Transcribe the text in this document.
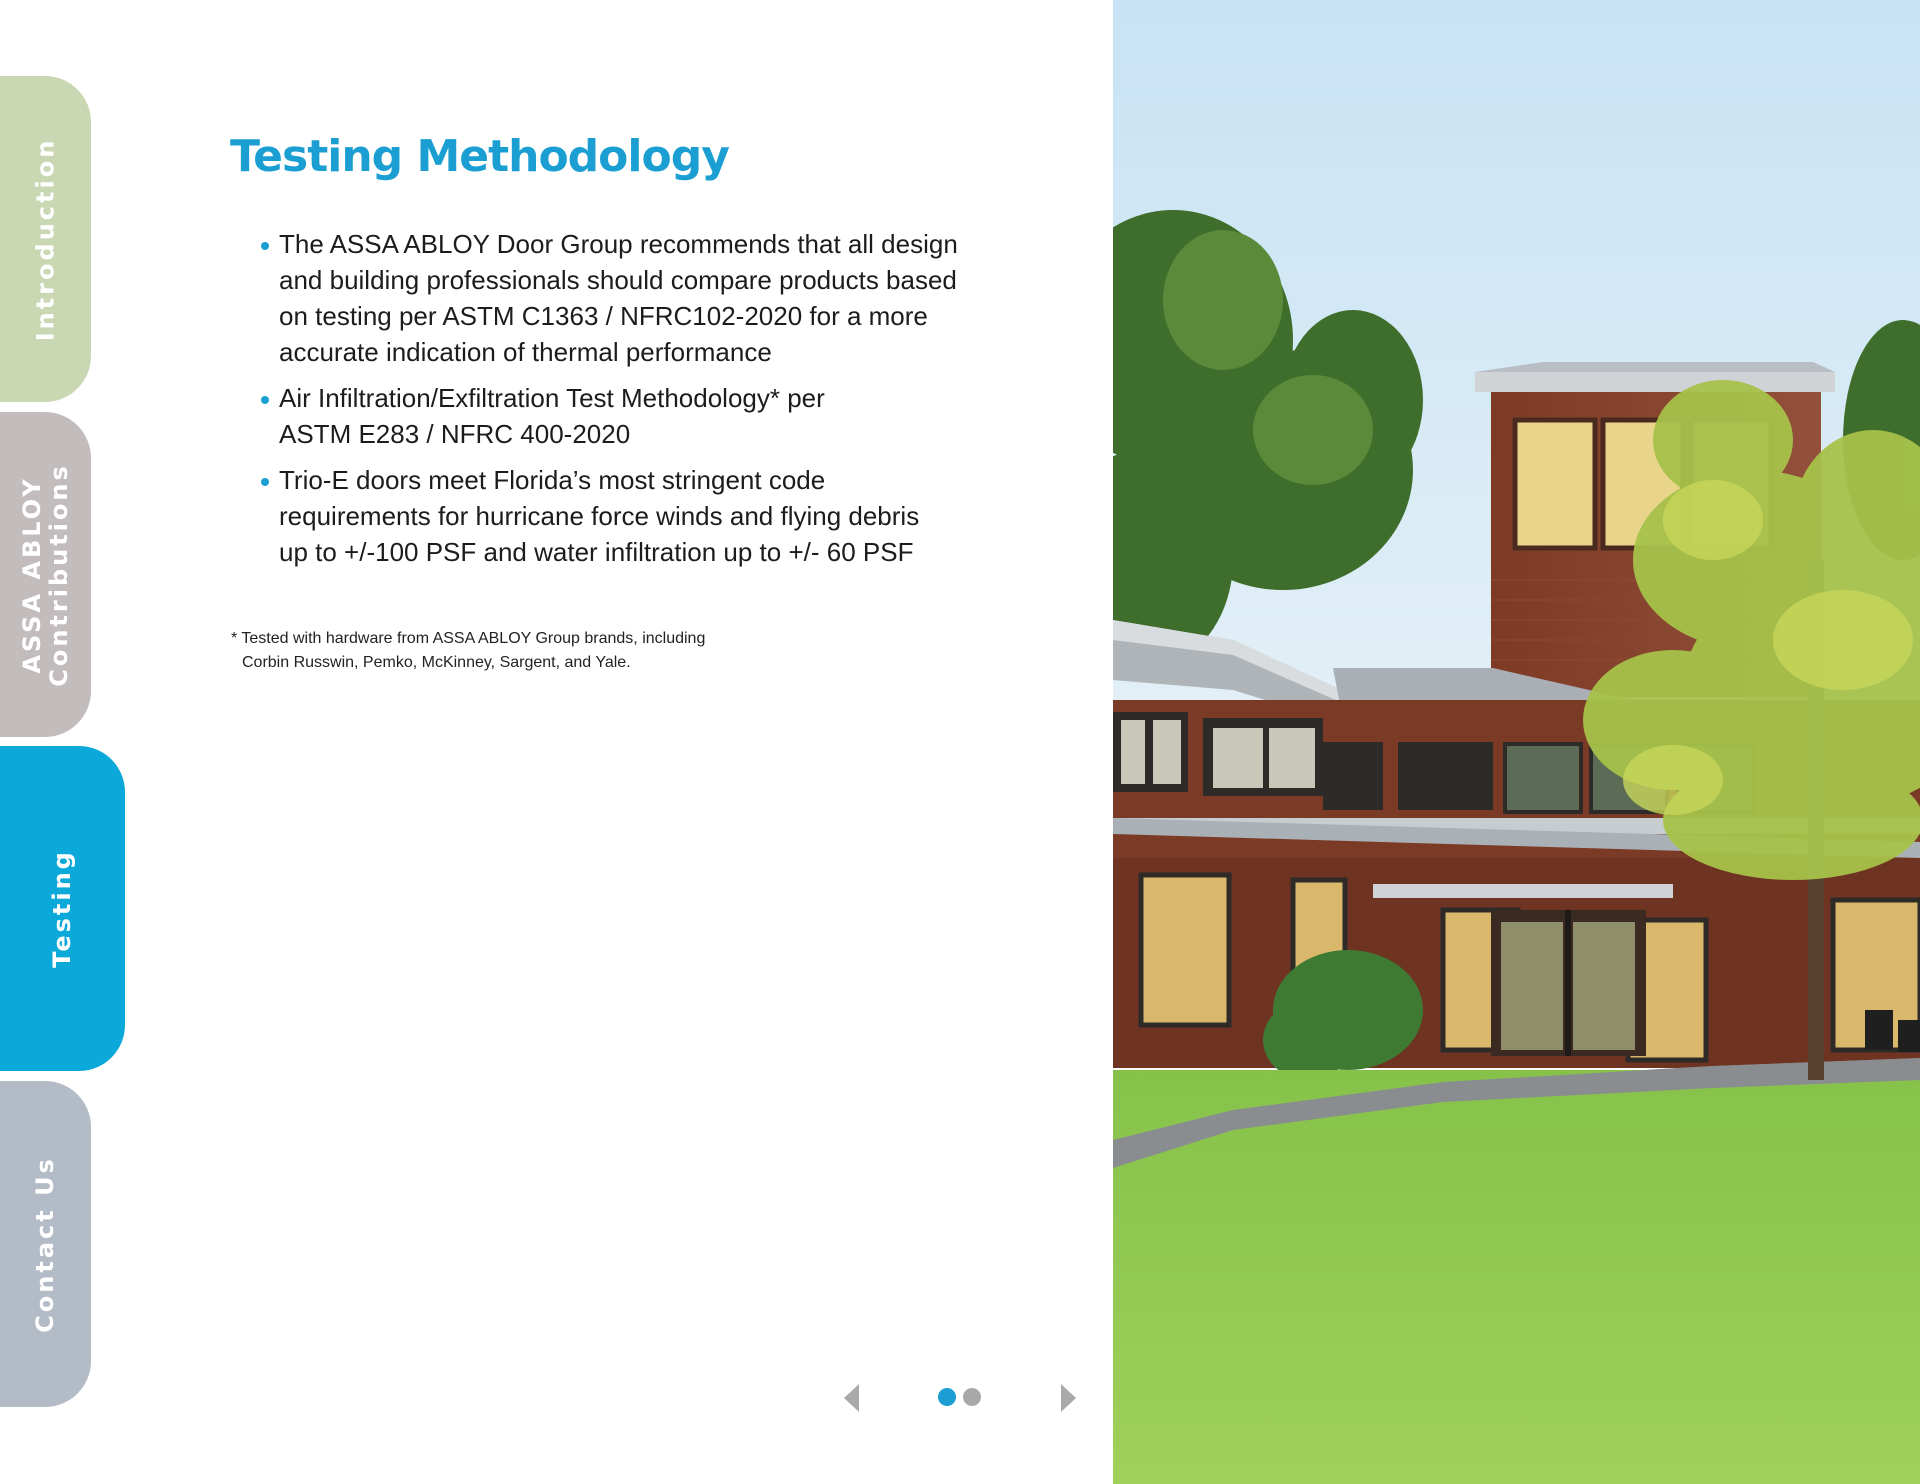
Introduction
ASSA ABLOY Contributions
Testing
Contact Us
Testing Methodology
The ASSA ABLOY Door Group recommends that all design
and building professionals should compare products based
on testing per ASTM C1363 / NFRC102-2020 for a more
accurate indication of thermal performance
Air Infiltration/Exfiltration Test Methodology* per
ASTM E283 / NFRC 400-2020
Trio-E doors meet Florida’s most stringent code
requirements for hurricane force winds and flying debris
up to +/-100 PSF and water infiltration up to +/- 60 PSF

* Tested with hardware from ASSA ABLOY Group brands, including
Corbin Russwin, Pemko, McKinney, Sargent, and Yale.
